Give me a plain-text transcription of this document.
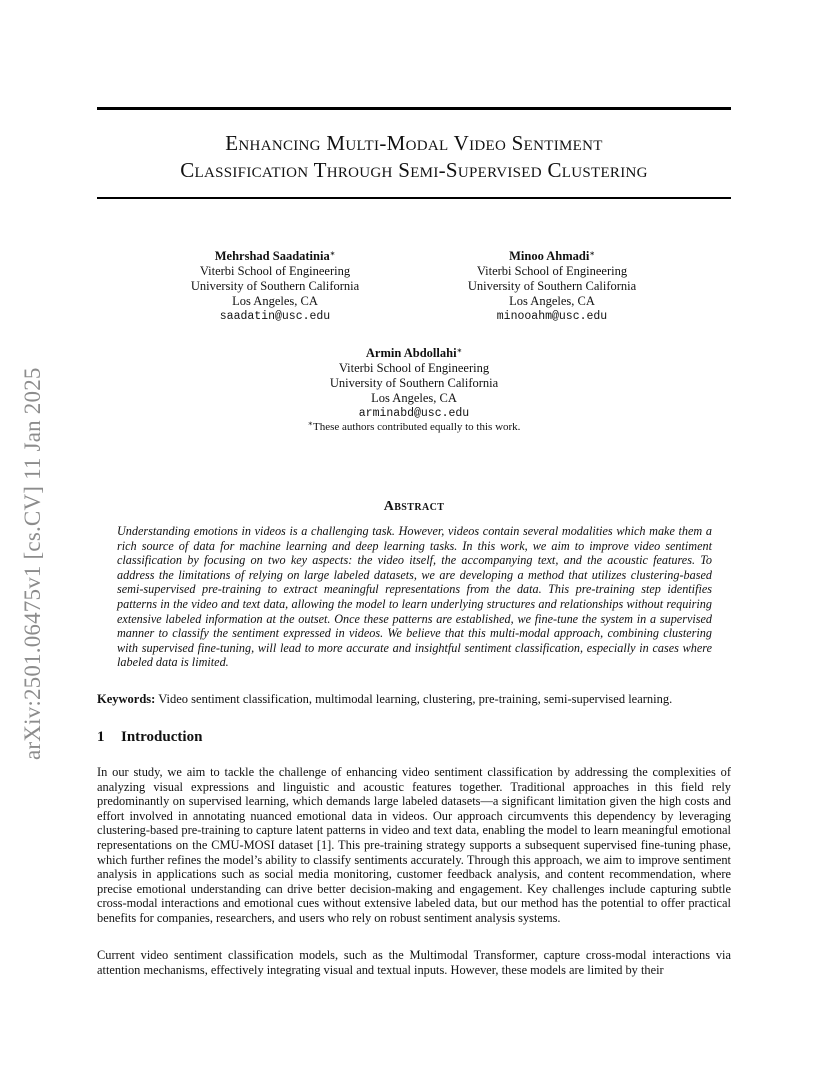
arXiv:2501.06475v1 [cs.CV] 11 Jan 2025
Enhancing Multi-Modal Video Sentiment
Classification Through Semi-Supervised Clustering
Mehrshad Saadatinia∗
Viterbi School of Engineering
University of Southern California
Los Angeles, CA
saadatin@usc.edu
Minoo Ahmadi∗
Viterbi School of Engineering
University of Southern California
Los Angeles, CA
minooahm@usc.edu
Armin Abdollahi∗
Viterbi School of Engineering
University of Southern California
Los Angeles, CA
arminabd@usc.edu
∗These authors contributed equally to this work.
Abstract
Understanding emotions in videos is a challenging task. However, videos contain several modalities which make them a rich source of data for machine learning and deep learning tasks. In this work, we aim to improve video sentiment classification by focusing on two key aspects: the video itself, the accompanying text, and the acoustic features. To address the limitations of relying on large labeled datasets, we are developing a method that utilizes clustering-based semi-supervised pre-training to extract meaningful representations from the data. This pre-training step identifies patterns in the video and text data, allowing the model to learn underlying structures and relationships without requiring extensive labeled information at the outset. Once these patterns are established, we fine-tune the system in a supervised manner to classify the sentiment expressed in videos. We believe that this multi-modal approach, combining clustering with supervised fine-tuning, will lead to more accurate and insightful sentiment classification, especially in cases where labeled data is limited.
Keywords: Video sentiment classification, multimodal learning, clustering, pre-training, semi-supervised learning.
1 Introduction
In our study, we aim to tackle the challenge of enhancing video sentiment classification by addressing the complexities of analyzing visual expressions and linguistic and acoustic features together. Traditional approaches in this field rely predominantly on supervised learning, which demands large labeled datasets—a significant limitation given the high costs and effort involved in annotating nuanced emotional data in videos. Our approach circumvents this dependency by leveraging clustering-based pre-training to capture latent patterns in video and text data, enabling the model to learn meaningful emotional representations on the CMU-MOSI dataset [1]. This pre-training strategy supports a subsequent supervised fine-tuning phase, which further refines the model’s ability to classify sentiments accurately. Through this approach, we aim to improve sentiment analysis in applications such as social media monitoring, customer feedback analysis, and content recommendation, where precise emotional understanding can drive better decision-making and engagement. Key challenges include capturing subtle cross-modal interactions and emotional cues without extensive labeled data, but our method has the potential to offer practical benefits for companies, researchers, and users who rely on robust sentiment analysis systems.
Current video sentiment classification models, such as the Multimodal Transformer, capture cross-modal interactions via attention mechanisms, effectively integrating visual and textual inputs. However, these models are limited by their
